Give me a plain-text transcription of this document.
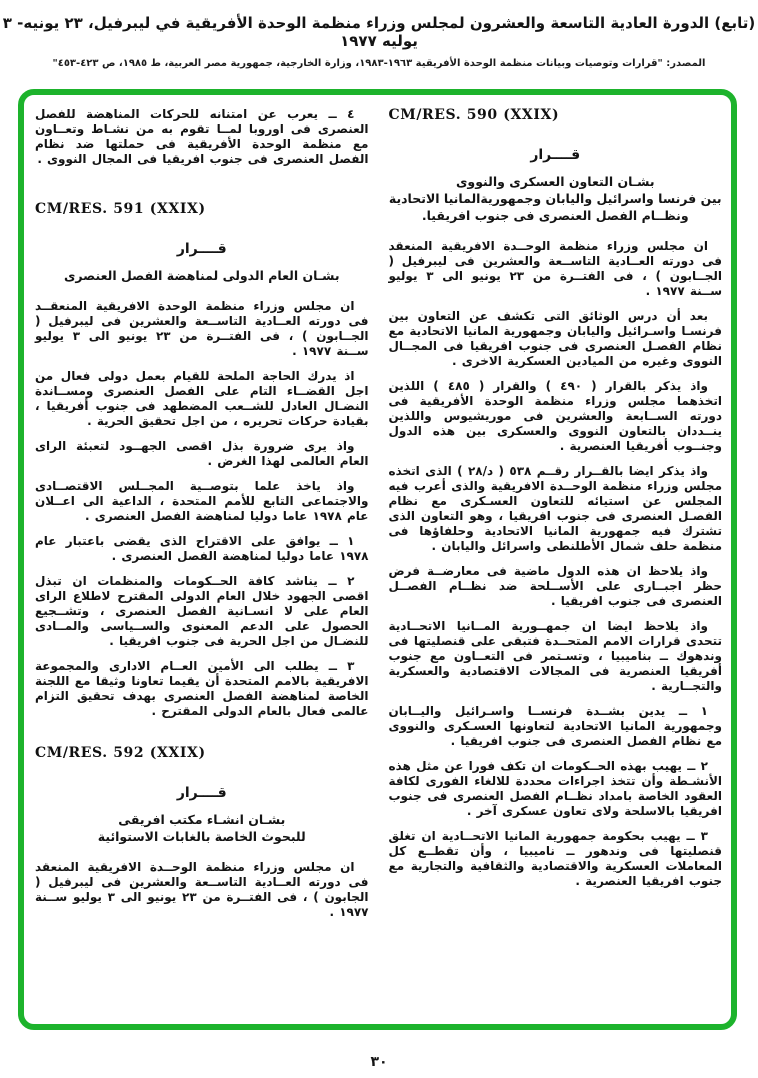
(تابع) الدورة العادية التاسعة والعشرون لمجلس وزراء منظمة الوحدة الأفريقية في ليبرفيل، ٢٣ يونيه- ٣ يوليه ١٩٧٧
المصدر: "قرارات وتوصيات وبيانات منظمة الوحدة الأفريقية ١٩٦٣-١٩٨٣، وزارة الخارجية، جمهورية مصر العربية، ط ١٩٨٥، ص ٤٢٣-٤٥٣"

٤ ــ يعرب عن امتنانه للحركات المناهضة للفصل العنصرى فى اوروبا لمــا تقوم به من نشـاط وتعــاون مع منظمة الوحدة الأفريقية فى حملتها ضد نظام الفصل العنصرى فى جنوب افريقيا فى المجال النووى .

CM/RES. 591 (XXIX)
قــــرار
بشـان العام الدولى لمناهضة الفصل العنصرى

ان مجلس وزراء منظمة الوحدة الافريقية المنعقــد فى دورته العــادية التاســعة والعشرين فى ليبرفيل ( الجــابون ) ، فى الفتــرة من ٢٣ يونيو الى ٣ يوليو ســنة ١٩٧٧ .

اذ يدرك الحاجة الملحة للقيام بعمل دولى فعال من اجل القضــاء التام على الفصل العنصرى ومســاندة النضـال العادل للشــعب المضطهد فى جنوب أفريقيا ، بقيادة حركات تحريره ، من اجل تحقيق الحرية .

واذ يرى ضرورة بذل اقصى الجهــود لتعبئة الراى العام العالمى لهذا الغرض .

واذ ياخذ علما بتوصــية المجــلس الاقتصــادى والاجتماعى التابع للأمم المتحدة ، الداعية الى اعــلان عام ١٩٧٨ عاما دوليا لمناهضة الفصل العنصرى .

١ ــ يوافق على الاقتراح الذى يقضى باعتبار عام ١٩٧٨ عاما دوليا لمناهضة الفصل العنصرى .

٢ ــ يناشد كافة الحــكومات والمنظمات ان تبذل اقصى الجهود خلال العام الدولى المقترح لاطلاع الراى العام على لا انسـانية الفصل العنصرى ، وتشــجيع الحصول على الدعم المعنوى والســياسى والمــادى للنضـال من اجل الحرية فى جنوب افريقيا .

٣ ــ يطلب الى الأمين العــام الادارى والمجموعة الافريقية بالامم المتحدة أن يقيما تعاونا وثيقا مع اللجنة الخاصة لمناهضة الفصل العنصرى بهدف تحقيق التزام عالمى فعال بالعام الدولى المقترح .

CM/RES. 592 (XXIX)
قــــرار
بشـان انشـاء مكتب افريقى
للبحوث الخاصة بالغابات الاستوائية

ان مجلس وزراء منظمة الوحــدة الافريقية المنعقد فى دورته العــادية التاســعة والعشرين فى ليبرفيل ( الجابون ) ، فى الفتــرة من ٢٣ يونيو الى ٣ يوليو ســنة ١٩٧٧ .

CM/RES. 590 (XXIX)
قــــرار
بشـان التعاون العسكرى والنووى
بين فرنسا واسرائيل واليابان وجمهوريةالمانيا الاتحادية
ونظــام الفصل العنصرى فى جنوب افريقيا.

ان مجلس وزراء منظمة الوحــدة الافريقية المنعقد فى دورته العــادية التاســعة والعشرين فى ليبرفيل ( الجــابون ) ، فى الفتــرة من ٢٣ يونيو الى ٣ يوليو ســنة ١٩٧٧ .

بعد أن درس الوثائق التى تكشف عن التعاون بين فرنسـا واسـرائيل واليابان وجمهورية المانيا الاتحادية مع نظام الفصـل العنصرى فى جنوب افريقيا فى المجــال النووى وغيره من الميادين العسكرية الاخرى .

واذ يذكر بالقرار ( ٤٩٠ ) والقرار ( ٤٨٥ ) اللذين اتخذهما مجلس وزراء منظمة الوحدة الأفريقية فى دورته الســابعة والعشرين فى موريشيوس واللذين ينــددان بالتعاون النووى والعسكرى بين هذه الدول وجنــوب أفريقيا العنصرية .

واذ يذكر ايضا بالقــرار رقــم ٥٣٨ ( د/٢٨ ) الذى اتخذه مجلس وزراء منظمة الوحــدة الافريقية والذى أعرب فيه المجلس عن استيائه للتعاون العسـكرى مع نظام الفصـل العنصرى فى جنوب افريقيا ، وهو التعاون الذى تشترك فيه جمهورية المانيا الاتحادية وحلفاؤها فى منظمة حلف شمال الأطلنطى واسرائل واليابان .

واذ يلاحظ ان هذه الدول ماضية فى معارضــة فرض حظر اجبــارى على الأســلحة ضد نظــام الفصــل العنصرى فى جنوب افريقيا .

واذ يلاحظ ايضا ان جمهــورية المــانيا الاتحــادية تتحدى قرارات الامم المتحــدة فتبقى على قنصليتها فى وندهوك ــ بناميبيا ، وتسـتمر فى التعــاون مع جنوب أفريقيا العنصرية فى المجالات الاقتصادية والعسكرية والتجــارية .

١ ــ يدين بشــدة فرنســا واسـرائيل واليــابان وجمهورية المانيا الاتحادية لتعاونها العسـكرى والنووى مع نظام الفصل العنصرى فى جنوب افريقيا .

٢ ــ يهيب بهذه الحــكومات ان تكف فورا عن مثل هذه الأنشـطة وأن تتخذ اجراءات محددة للالغاء الفورى لكافة العقود الخاصة بامداد نظــام الفصل العنصرى فى جنوب افريقيا بالاسلحة ولاى تعاون عسكرى آخر .

٣ ــ يهيب بحكومة جمهورية المانيا الاتحــادية ان تغلق قنصليتها فى وندهور ــ ناميبيا ، وأن تقطــع كل المعاملات العسكرية والاقتصادية والثقافية والتجارية مع جنوب افريقيا العنصرية .

٣٠
